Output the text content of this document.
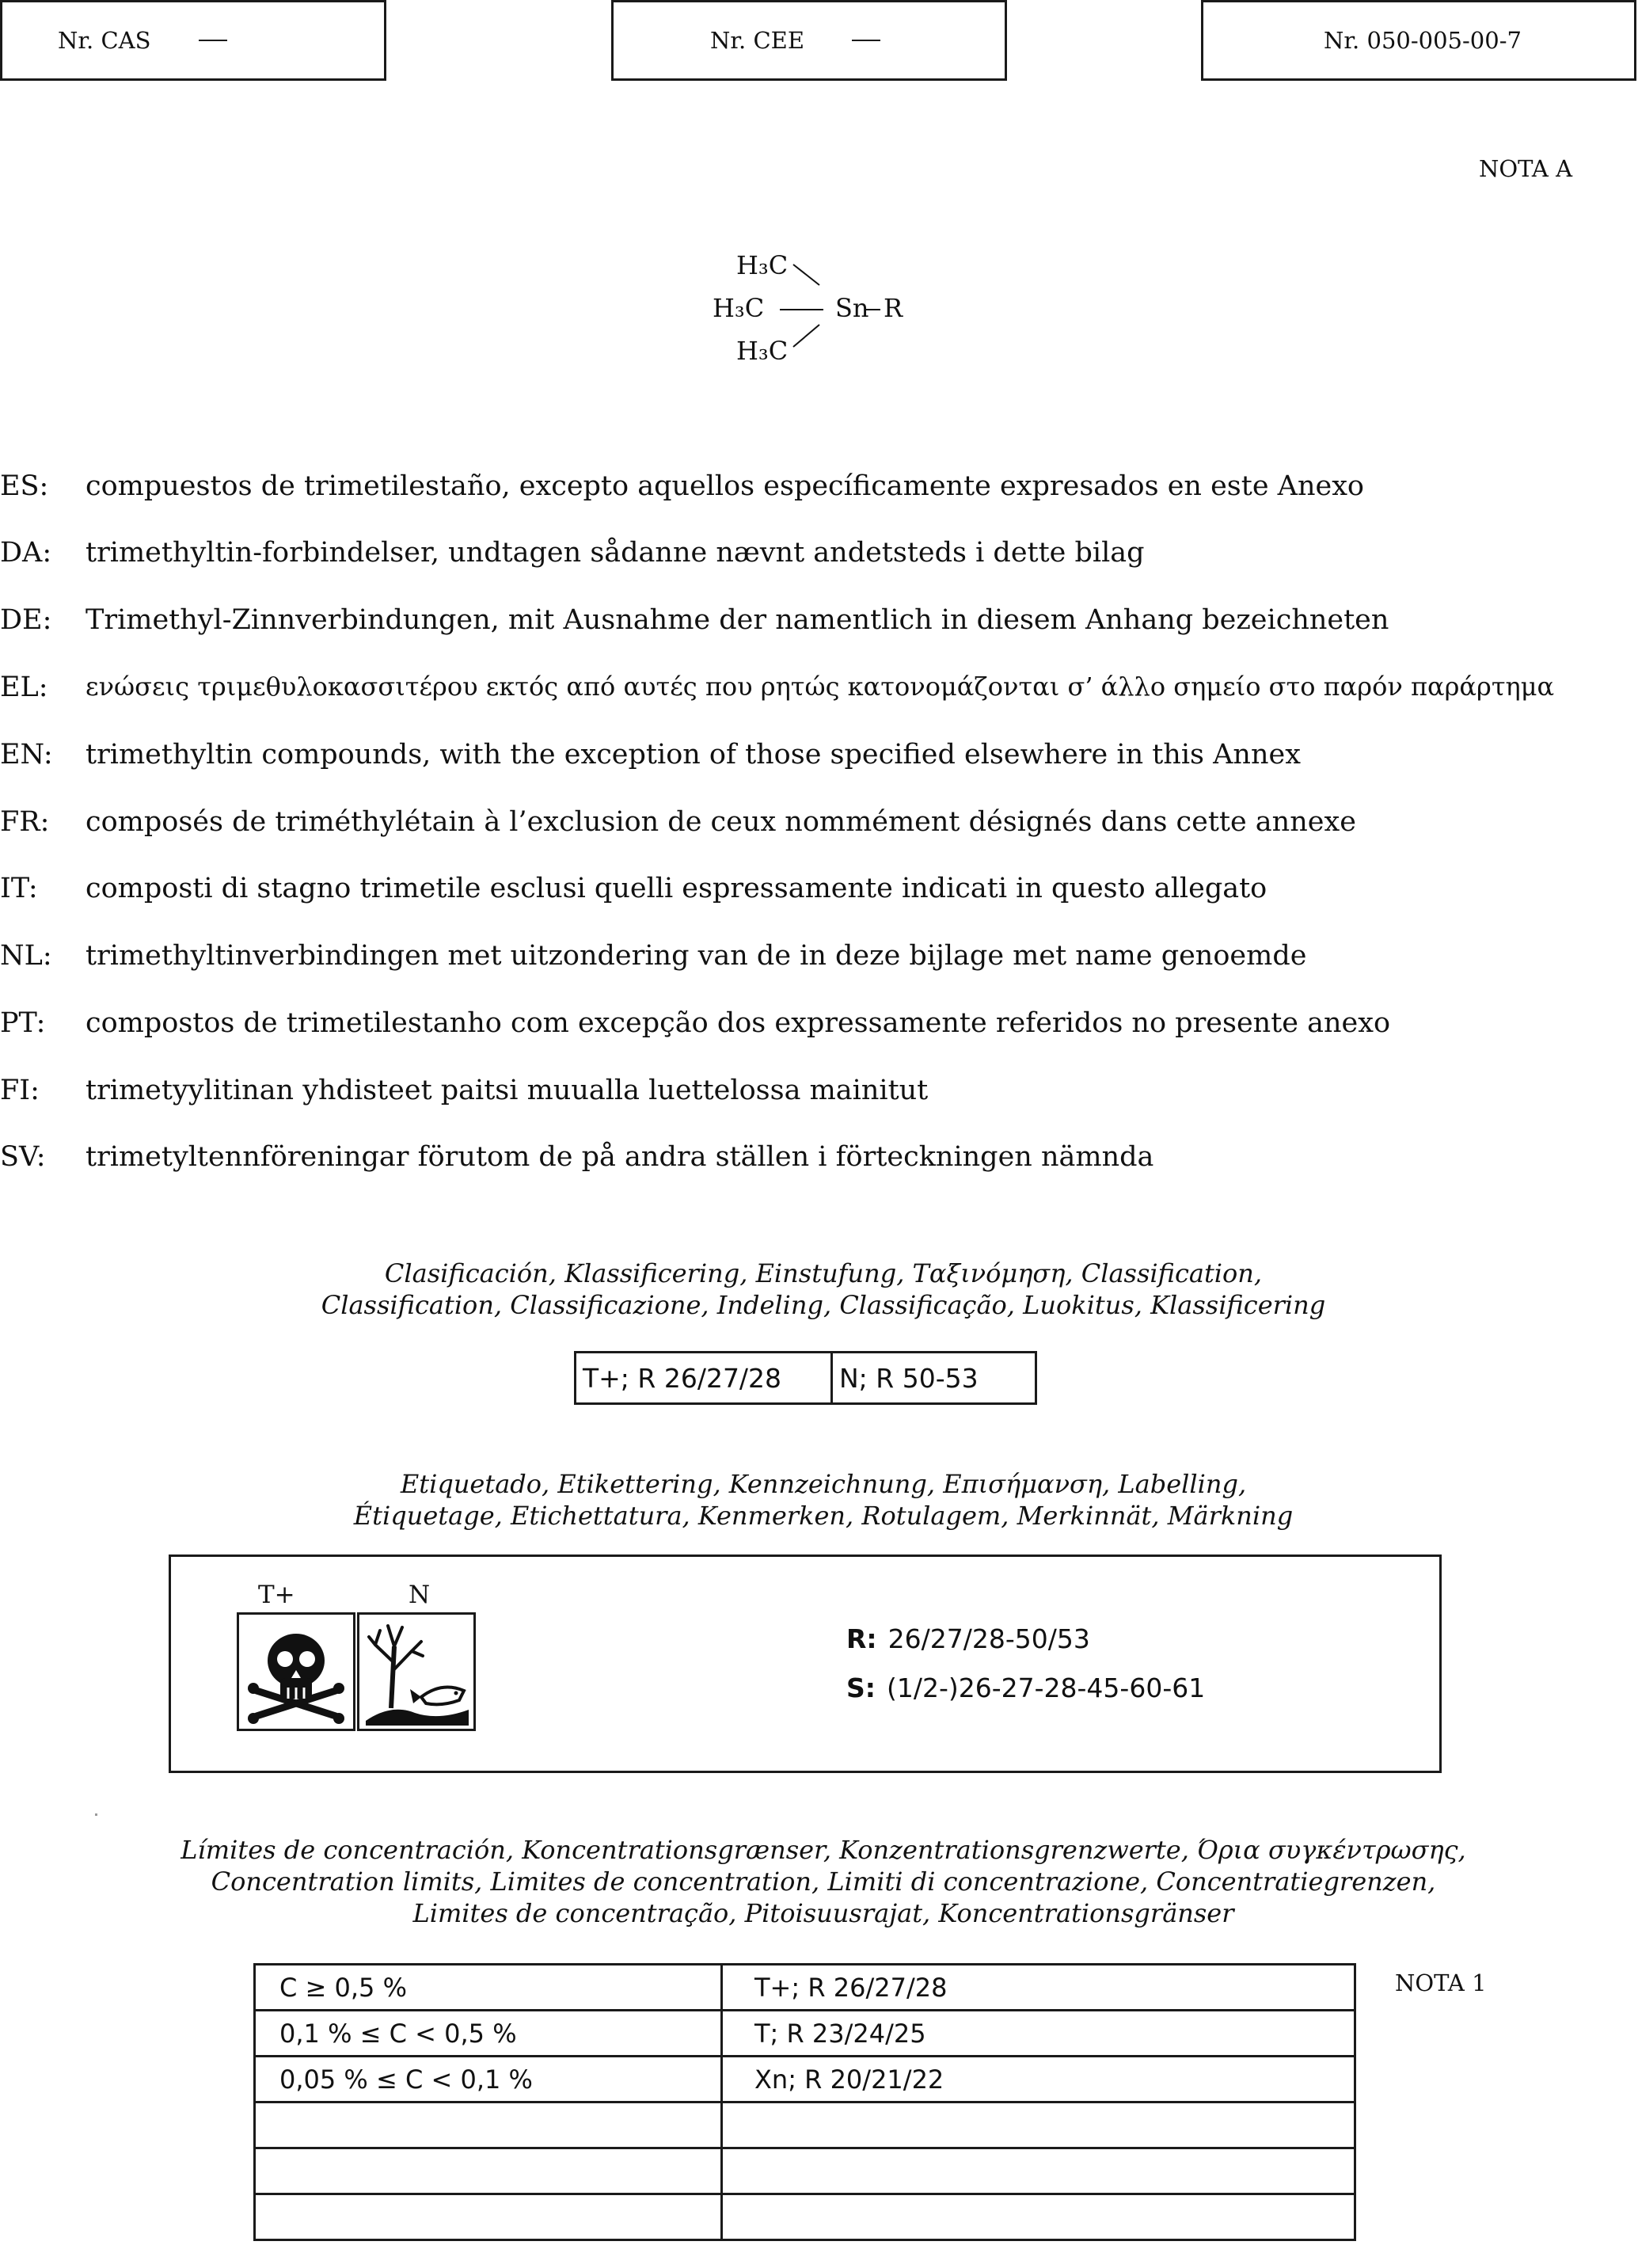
Nr. CAS	Nr. CEE	Nr. 050-005-00-7
NOTA A
H₃C
H₃C
H₃C
Sn R
ES: compuestos de trimetilestaño, excepto aquellos específicamente expresados en este Anexo
DA: trimethyltin-forbindelser, undtagen sådanne nævnt andetsteds i dette bilag
DE: Trimethyl-Zinnverbindungen, mit Ausnahme der namentlich in diesem Anhang bezeichneten
EL: ενώσεις τριμεθυλοκασσιτέρου εκτός από αυτές που ρητώς κατονομάζονται σ’ άλλο σημείο στο παρόν παράρτημα
EN: trimethyltin compounds, with the exception of those specified elsewhere in this Annex
FR: composés de triméthylétain à l’exclusion de ceux nommément désignés dans cette annexe
IT: composti di stagno trimetile esclusi quelli espressamente indicati in questo allegato
NL: trimethyltinverbindingen met uitzondering van de in deze bijlage met name genoemde
PT: compostos de trimetilestanho com excepção dos expressamente referidos no presente anexo
FI: trimetyylitinan yhdisteet paitsi muualla luettelossa mainitut
SV: trimetyltennföreningar förutom de på andra ställen i förteckningen nämnda
Clasificación, Klassificering, Einstufung, Ταξινόμηση, Classification,
Classification, Classificazione, Indeling, Classificação, Luokitus, Klassificering
T+; R 26/27/28	N; R 50-53
Etiquetado, Etikettering, Kennzeichnung, Επισήμανση, Labelling,
Étiquetage, Etichettatura, Kenmerken, Rotulagem, Merkinnät, Märkning
T+	N
R: 26/27/28-50/53
S: (1/2-)26-27-28-45-60-61
Límites de concentración, Koncentrationsgrænser, Konzentrationsgrenzwerte, Όρια συγκέντρωσης,
Concentration limits, Limites de concentration, Limiti di concentrazione, Concentratiegrenzen,
Limites de concentração, Pitoisuusrajat, Koncentrationsgränser
C ≥ 0,5 %	T+; R 26/27/28
0,1 % ≤ C < 0,5 %	T; R 23/24/25
0,05 % ≤ C < 0,1 %	Xn; R 20/21/22

NOTA 1
